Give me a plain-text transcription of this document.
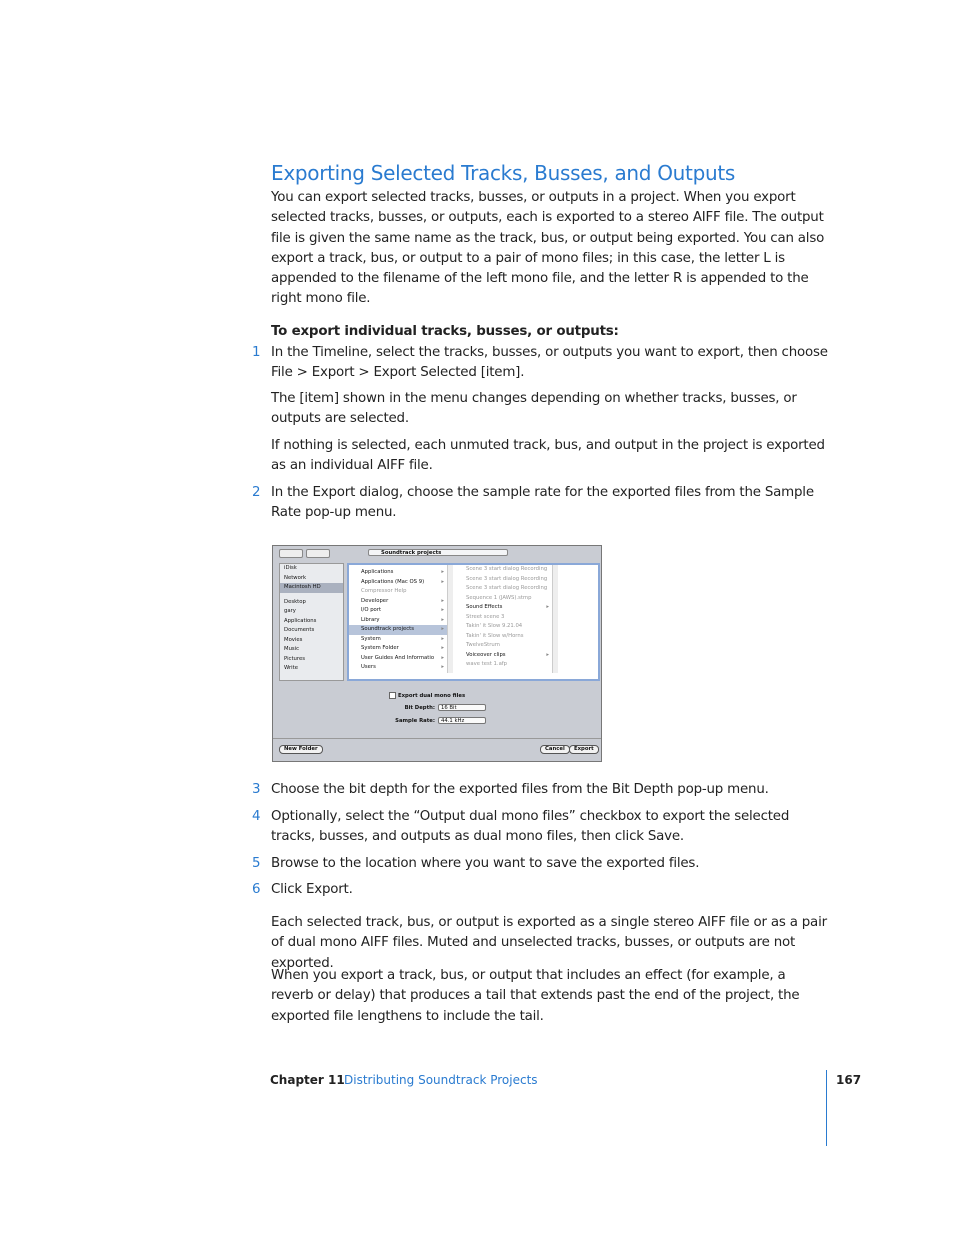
Exporting Selected Tracks, Busses, and Outputs
You can export selected tracks, busses, or outputs in a project. When you export selected tracks, busses, or outputs, each is exported to a stereo AIFF file. The output file is given the same name as the track, bus, or output being exported. You can also export a track, bus, or output to a pair of mono files; in this case, the letter L is appended to the filename of the left mono file, and the letter R is appended to the right mono file.
To export individual tracks, busses, or outputs:
1 In the Timeline, select the tracks, busses, or outputs you want to export, then choose File > Export > Export Selected [item].
The [item] shown in the menu changes depending on whether tracks, busses, or outputs are selected.
If nothing is selected, each unmuted track, bus, and output in the project is exported as an individual AIFF file.
2 In the Export dialog, choose the sample rate for the exported files from the Sample Rate pop-up menu.
Soundtrack projects
iDisk
Network
Macintosh HD
Desktop
gary
Applications
Documents
Movies
Music
Pictures
Write
Applications	▸
Applications (Mac OS 9)	▸
Compressor Help
Developer	▸
I/O port	▸
Library	▸
Soundtrack projects	▸
System	▸
System Folder	▸
User Guides And Informatio ▸
Users	▸
Scene 3 start dialog Recording
Scene 3 start dialog Recording
Scene 3 start dialog Recording
Sequence 1 (JAWS).stmp
Sound Effects	▸
Street scene 3
Takin' it Slow 9.21.04
Takin' it Slow w/Horns
TwelveStrum
Voiceover clips	▸
wave test 1.afp
Export dual mono files
Bit Depth:	16 Bit
Sample Rate:	44.1 kHz
New Folder	Cancel	Export
3 Choose the bit depth for the exported files from the Bit Depth pop-up menu.
4 Optionally, select the “Output dual mono files” checkbox to export the selected tracks, busses, and outputs as dual mono files, then click Save.
5 Browse to the location where you want to save the exported files.
6 Click Export.
Each selected track, bus, or output is exported as a single stereo AIFF file or as a pair of dual mono AIFF files. Muted and unselected tracks, busses, or outputs are not exported.
When you export a track, bus, or output that includes an effect (for example, a reverb or delay) that produces a tail that extends past the end of the project, the exported file lengthens to include the tail.
Chapter 11 Distributing Soundtrack Projects	167
